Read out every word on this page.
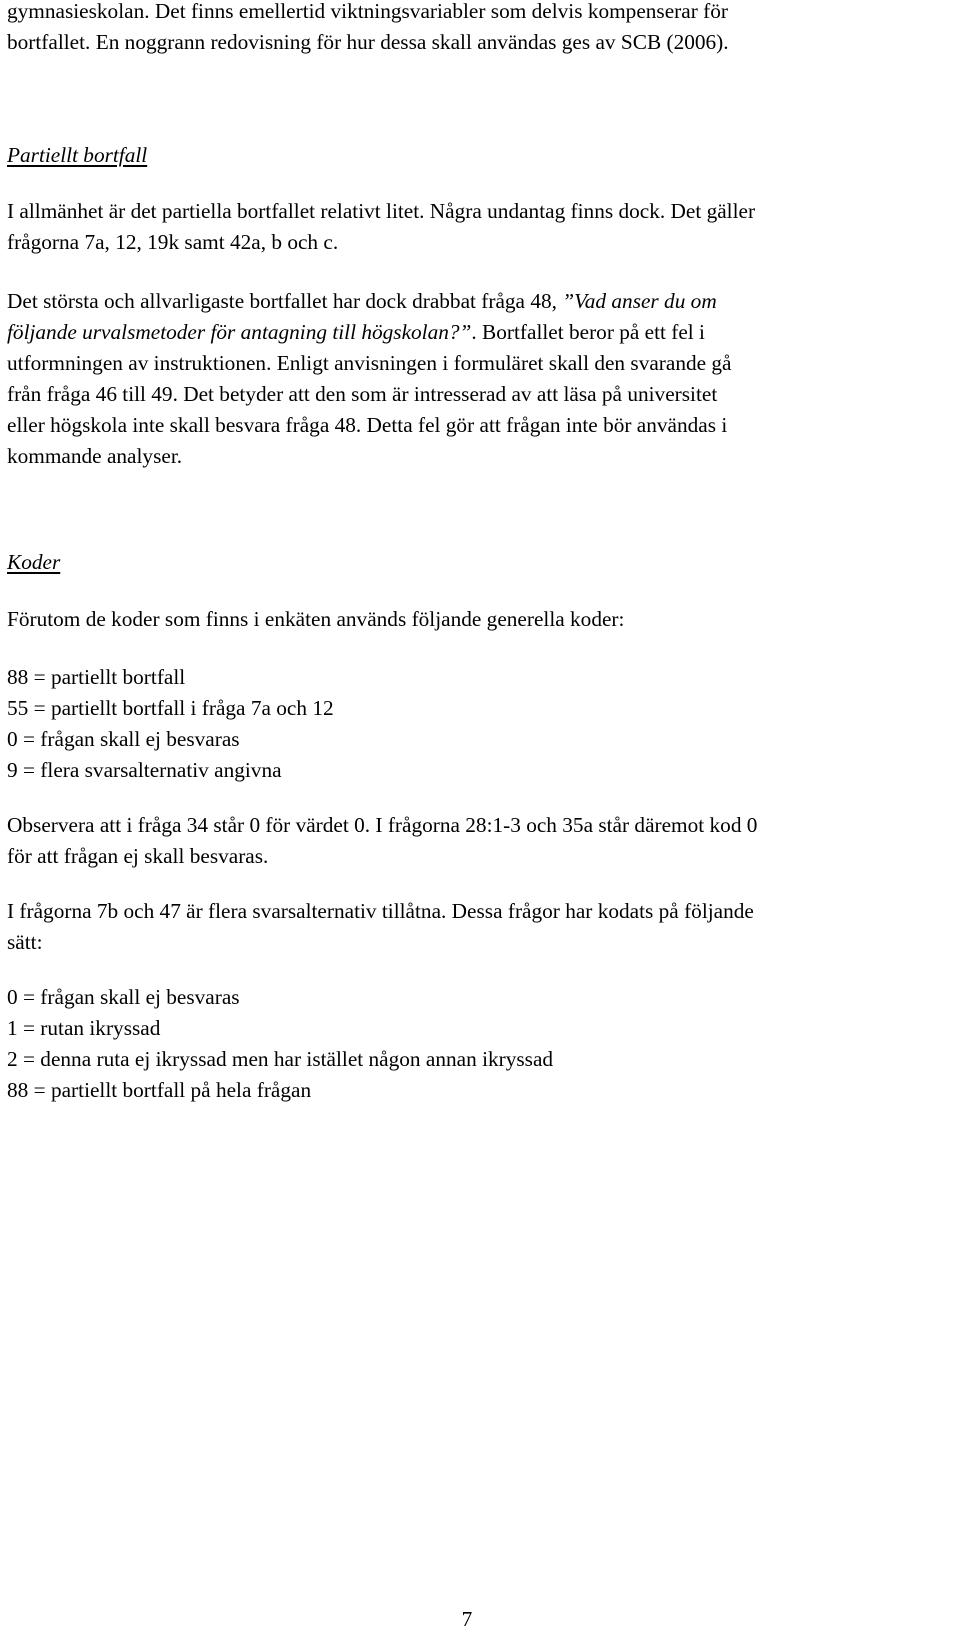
gymnasieskolan. Det finns emellertid viktningsvariabler som delvis kompenserar för
bortfallet. En noggrann redovisning för hur dessa skall användas ges av SCB (2006).
Partiellt bortfall
I allmänhet är det partiella bortfallet relativt litet. Några undantag finns dock. Det gäller
frågorna 7a, 12, 19k samt 42a, b och c.
Det största och allvarligaste bortfallet har dock drabbat fråga 48, ”Vad anser du om
följande urvalsmetoder för antagning till högskolan?”. Bortfallet beror på ett fel i
utformningen av instruktionen. Enligt anvisningen i formuläret skall den svarande gå
från fråga 46 till 49. Det betyder att den som är intresserad av att läsa på universitet
eller högskola inte skall besvara fråga 48. Detta fel gör att frågan inte bör användas i
kommande analyser.
Koder
Förutom de koder som finns i enkäten används följande generella koder:
88 = partiellt bortfall
55 = partiellt bortfall i fråga 7a och 12
0 = frågan skall ej besvaras
9 = flera svarsalternativ angivna
Observera att i fråga 34 står 0 för värdet 0. I frågorna 28:1-3 och 35a står däremot kod 0
för att frågan ej skall besvaras.
I frågorna 7b och 47 är flera svarsalternativ tillåtna. Dessa frågor har kodats på följande
sätt:
0 = frågan skall ej besvaras
1 = rutan ikryssad
2 = denna ruta ej ikryssad men har istället någon annan ikryssad
88 = partiellt bortfall på hela frågan
7
